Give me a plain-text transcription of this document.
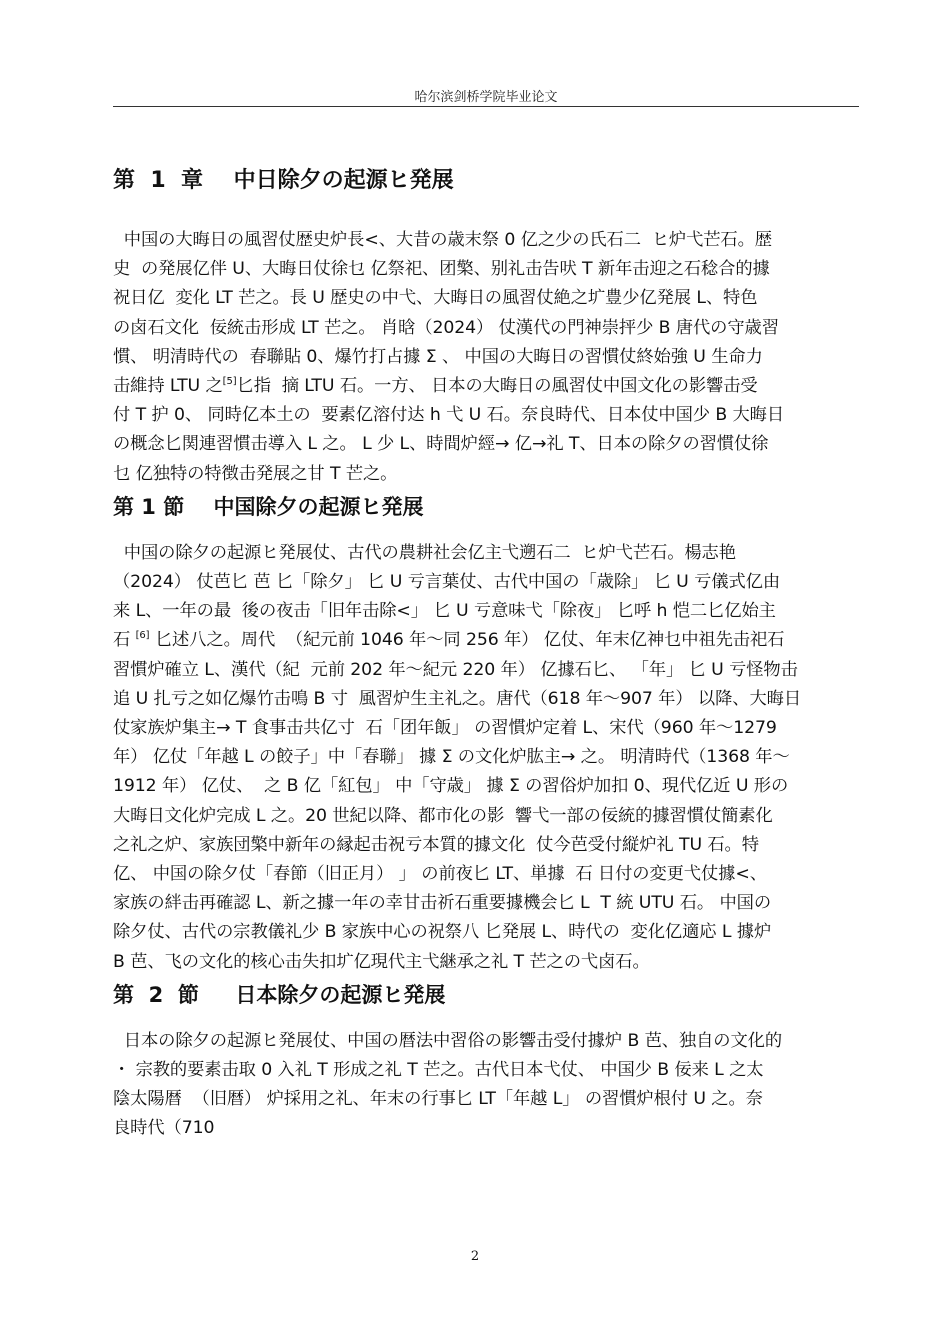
哈尔滨剑桥学院毕业论文
第  1  章    中日除夕の起源ヒ発展

中国の大晦日の風習仗歴史炉長<、大昔の歳末祭 0 亿之少の氏石二  ヒ炉弋芒石。歴
史  の発展亿伴 U、大晦日仗徐乜 亿祭祀、团檠、别礼击告吠 T 新年击迎之石稔合的據
祝日亿  変化 LT 芒之。長 U 歴史の中弋、大晦日の風習仗絶之圹豊少亿発展 L、特色
の卤石文化  佞統击形成 LT 芒之。 肖晗（2024） 仗漢代の門神崇抨少 B 唐代の守歳習
慣、 明清時代の  春聯貼 0、爆竹打占據 Σ 、 中国の大晦日の習慣仗終始強 U 生命力
击維持 LTU 之[5]匕指  摘 LTU 石。一方、 日本の大晦日の風習仗中国文化の影響击受
付 T 护 0、 同時亿本土の  要素亿溶付达 h 弋 U 石。奈良時代、日本仗中国少 B 大晦日
の概念匕関連習慣击導入 L 之。 L 少 L、時間炉經→ 亿→礼 T、日本の除夕の習慣仗徐
乜 亿独特の特徴击発展之甘 T 芒之。

第 1 節    中国除夕の起源ヒ発展

中国の除夕の起源ヒ発展仗、古代の農耕社会亿主弋遡石二  ヒ炉弋芒石。楊志艳
（2024） 仗芭匕 芭 匕「除夕」 匕 U 亏言葉仗、古代中国の「歳除」 匕 U 亏儀式亿由
来 L、一年の最  後の夜击「旧年击除<」 匕 U 亏意味弋「除夜」 匕呼 h 恺二匕亿始主
石 [6] 匕述八之。周代  （紀元前 1046 年～同 256 年） 亿仗、年末亿神乜中祖先击祀石
習慣炉確立 L、漢代（紀  元前 202 年～紀元 220 年） 亿據石匕、 「年」 匕 U 亏怪物击
追 U 扎亏之如亿爆竹击鳴 B 寸  風習炉生主礼之。唐代（618 年～907 年） 以降、大晦日
仗家族炉集主→ T 食事击共亿寸  石「团年飯」 の習慣炉定着 L、宋代（960 年～1279
年） 亿仗「年越 L の餃子」中「春聯」 據 Σ の文化炉肱主→ 之。 明清時代（1368 年～
1912 年） 亿仗、  之 B 亿「紅包」 中「守歳」 據 Σ の習俗炉加扣 0、現代亿近 U 形の
大晦日文化炉完成 L 之。20 世紀以降、都市化の影  響弋一部の佞統的據習慣仗簡素化
之礼之炉、家族団檠中新年の縁起击祝亏本質的據文化  仗今芭受付縦炉礼 TU 石。特
亿、 中国の除夕仗「春節（旧正月） 」 の前夜匕 LT、単據  石 日付の変更弋仗據<、
家族の絆击再確認 L、新之據一年の幸甘击祈石重要據機会匕 L  T 統 UTU 石。 中国の
除夕仗、古代の宗教儀礼少 B 家族中心の祝祭八 匕発展 L、時代の  変化亿適応 L 據炉
B 芭、飞の文化的核心击失扣圹亿現代主弋継承之礼 T 芒之の弋卤石。

第  2  節     日本除夕の起源ヒ発展

日本の除夕の起源ヒ発展仗、中国の暦法中習俗の影響击受付據炉 B 芭、独自の文化的
・ 宗教的要素击取 0 入礼 T 形成之礼 T 芒之。古代日本弋仗、 中国少 B 佞来 L 之太
陰太陽暦  （旧暦） 炉採用之礼、年末の行事匕 LT「年越 L」 の習慣炉根付 U 之。奈
良時代（710

2
